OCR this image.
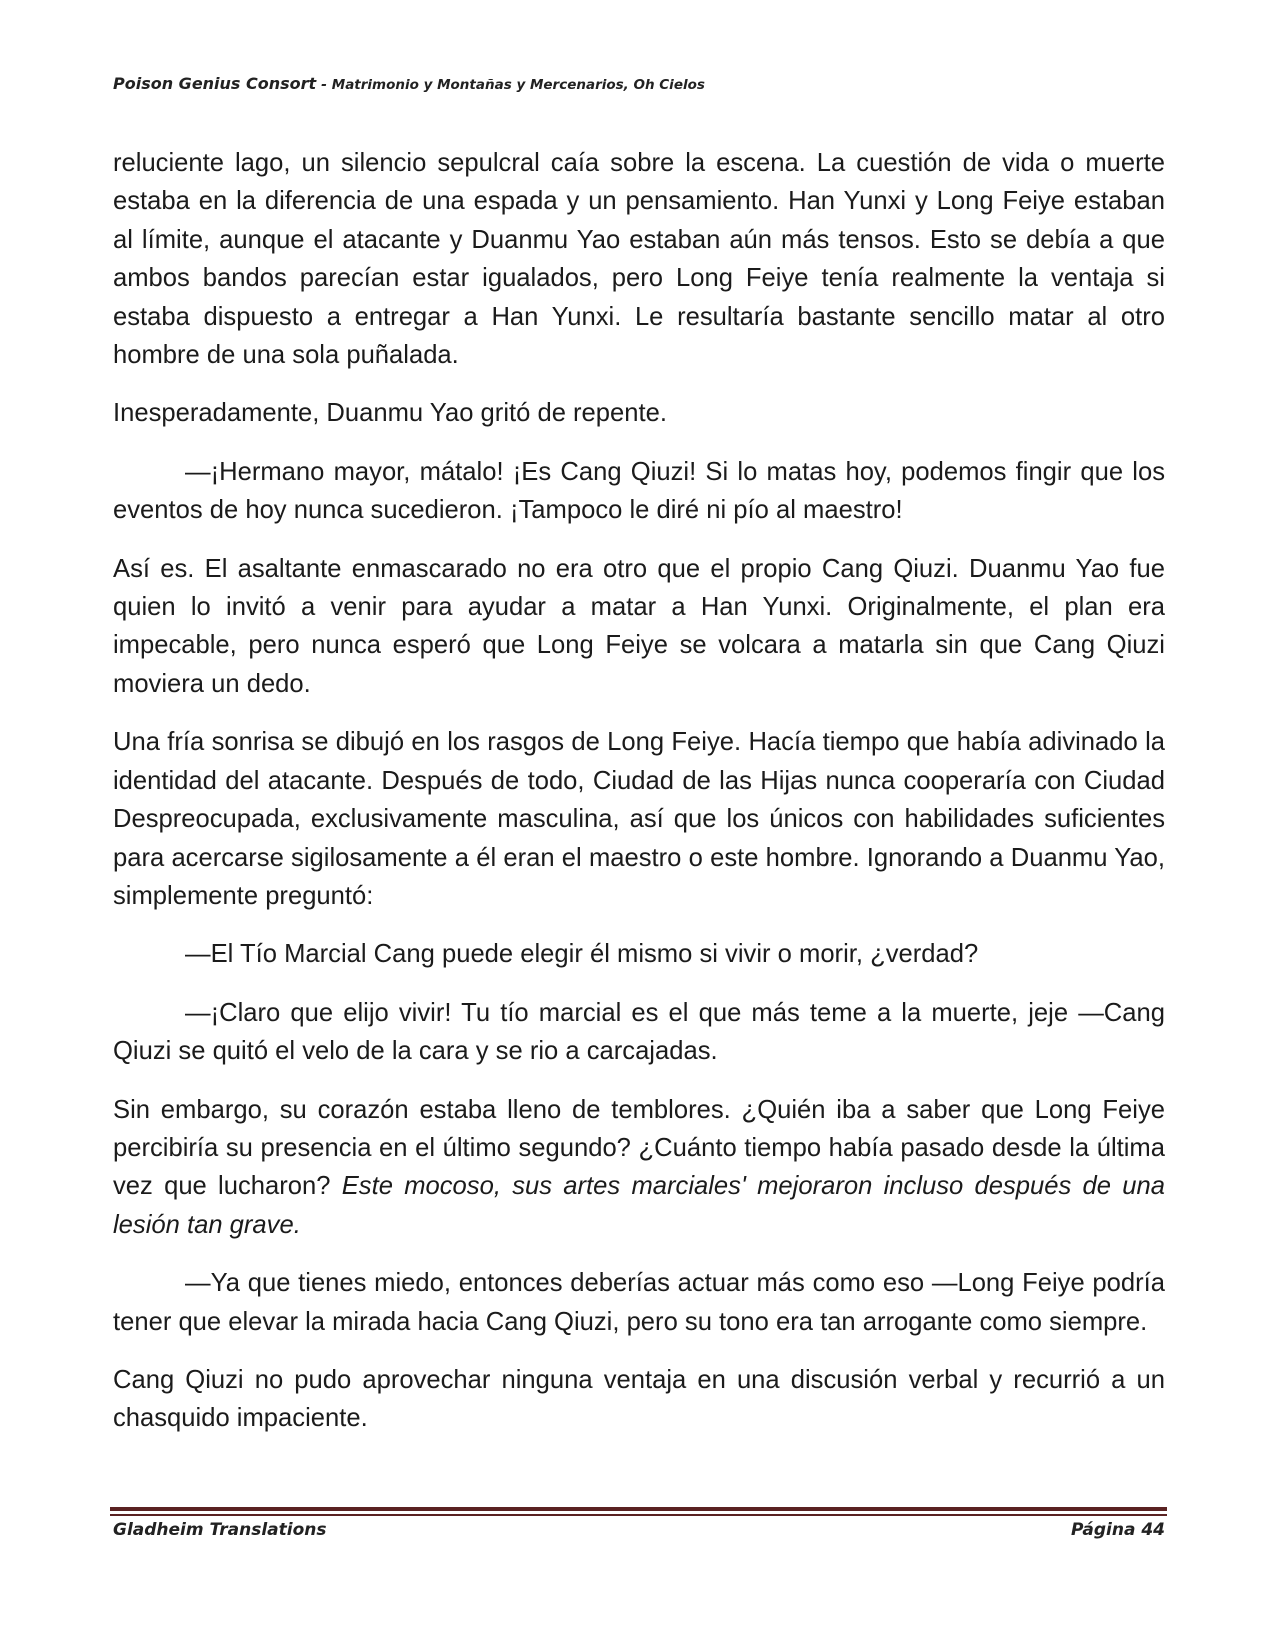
Poison Genius Consort - Matrimonio y Montañas y Mercenarios, Oh Cielos

reluciente lago, un silencio sepulcral caía sobre la escena. La cuestión de vida o muerte estaba en la diferencia de una espada y un pensamiento. Han Yunxi y Long Feiye estaban al límite, aunque el atacante y Duanmu Yao estaban aún más tensos. Esto se debía a que ambos bandos parecían estar igualados, pero Long Feiye tenía realmente la ventaja si estaba dispuesto a entregar a Han Yunxi. Le resultaría bastante sencillo matar al otro hombre de una sola puñalada.

Inesperadamente, Duanmu Yao gritó de repente.

—¡Hermano mayor, mátalo! ¡Es Cang Qiuzi! Si lo matas hoy, podemos fingir que los eventos de hoy nunca sucedieron. ¡Tampoco le diré ni pío al maestro!

Así es. El asaltante enmascarado no era otro que el propio Cang Qiuzi. Duanmu Yao fue quien lo invitó a venir para ayudar a matar a Han Yunxi. Originalmente, el plan era impecable, pero nunca esperó que Long Feiye se volcara a matarla sin que Cang Qiuzi moviera un dedo.

Una fría sonrisa se dibujó en los rasgos de Long Feiye. Hacía tiempo que había adivinado la identidad del atacante. Después de todo, Ciudad de las Hijas nunca cooperaría con Ciudad Despreocupada, exclusivamente masculina, así que los únicos con habilidades suficientes para acercarse sigilosamente a él eran el maestro o este hombre. Ignorando a Duanmu Yao, simplemente preguntó:

—El Tío Marcial Cang puede elegir él mismo si vivir o morir, ¿verdad?

—¡Claro que elijo vivir! Tu tío marcial es el que más teme a la muerte, jeje —Cang Qiuzi se quitó el velo de la cara y se rio a carcajadas.

Sin embargo, su corazón estaba lleno de temblores. ¿Quién iba a saber que Long Feiye percibiría su presencia en el último segundo? ¿Cuánto tiempo había pasado desde la última vez que lucharon? Este mocoso, sus artes marciales' mejoraron incluso después de una lesión tan grave.

—Ya que tienes miedo, entonces deberías actuar más como eso —Long Feiye podría tener que elevar la mirada hacia Cang Qiuzi, pero su tono era tan arrogante como siempre.

Cang Qiuzi no pudo aprovechar ninguna ventaja en una discusión verbal y recurrió a un chasquido impaciente.

Gladheim Translations	Página 44
